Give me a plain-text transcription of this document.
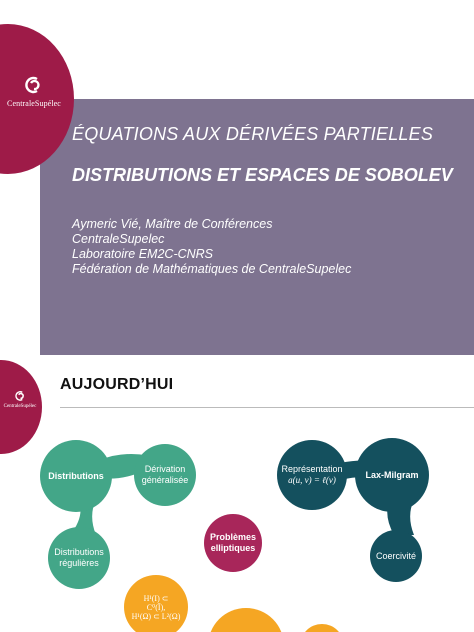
CentraleSupélec
ÉQUATIONS AUX DÉRIVÉES PARTIELLES
DISTRIBUTIONS ET ESPACES DE SOBOLEV
Aymeric Vié, Maître de Conférences
CentraleSupelec
Laboratoire EM2C-CNRS
Fédération de Mathématiques de CentraleSupelec
CentraleSupélec
AUJOURD’HUI
Distributions
Dérivation
généralisée
Distributions
régulières
Représentation
a(u, v) = ℓ(v)
Lax-Milgram
Coercivité
Problèmes
elliptiques
H¹(I) ⊂
C⁰(Ī),
H¹(Ω) ⊂ L²(Ω)
